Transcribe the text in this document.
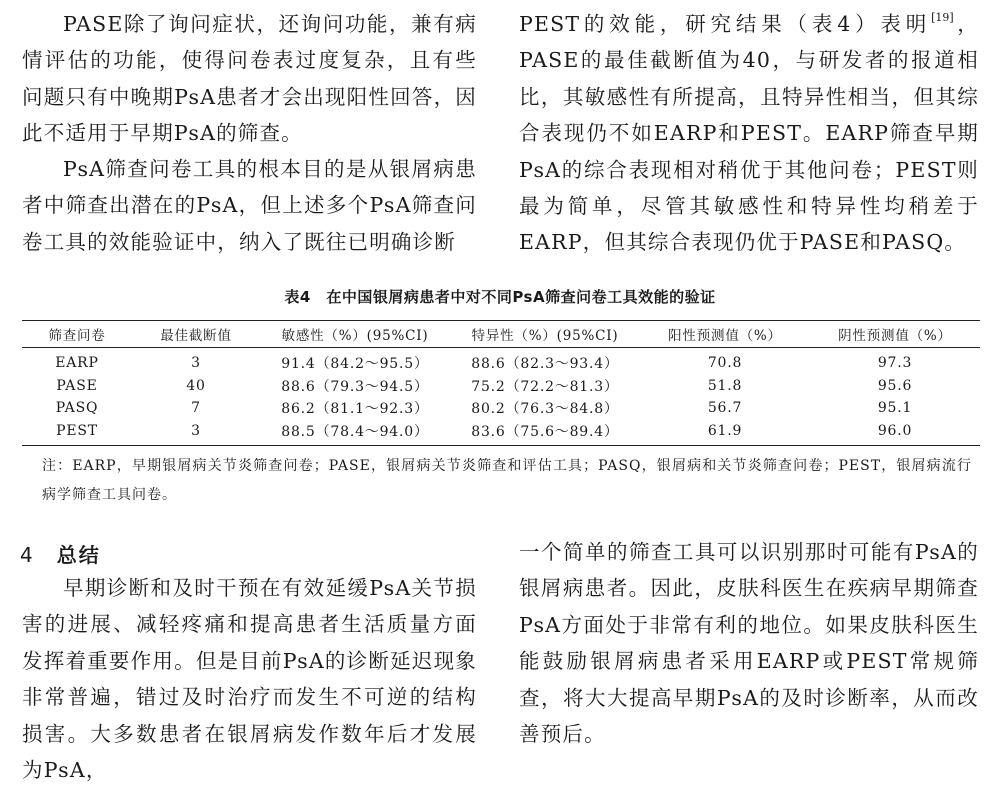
PASE除了询问症状，还询问功能，兼有病情评估的功能，使得问卷表过度复杂，且有些问题只有中晚期PsA患者才会出现阳性回答，因此不适用于早期PsA的筛查。

PsA筛查问卷工具的根本目的是从银屑病患者中筛查出潜在的PsA，但上述多个PsA筛查问卷工具的效能验证中，纳入了既往已明确诊断

PEST的效能，研究结果（表4）表明[19]，PASE的最佳截断值为40，与研发者的报道相比，其敏感性有所提高，且特异性相当，但其综合表现仍不如EARP和PEST。EARP筛查早期PsA的综合表现相对稍优于其他问卷；PEST则最为简单，尽管其敏感性和特异性均稍差于EARP，但其综合表现仍优于PASE和PASQ。

表4　在中国银屑病患者中对不同PsA筛查问卷工具效能的验证

筛查问卷	最佳截断值	敏感性（%）(95%CI)	特异性（%）(95%CI)	阳性预测值（%）	阴性预测值（%）
EARP	3	91.4（84.2～95.5）	88.6（82.3～93.4）	70.8	97.3
PASE	40	88.6（79.3～94.5）	75.2（72.2～81.3）	51.8	95.6
PASQ	7	86.2（81.1～92.3）	80.2（76.3～84.8）	56.7	95.1
PEST	3	88.5（78.4～94.0）	83.6（75.6～89.4）	61.9	96.0

注：EARP，早期银屑病关节炎筛查问卷；PASE，银屑病关节炎筛查和评估工具；PASQ，银屑病和关节炎筛查问卷；PEST，银屑病流行病学筛查工具问卷。

4 总结

早期诊断和及时干预在有效延缓PsA关节损害的进展、减轻疼痛和提高患者生活质量方面发挥着重要作用。但是目前PsA的诊断延迟现象非常普遍，错过及时治疗而发生不可逆的结构损害。大多数患者在银屑病发作数年后才发展为PsA，

一个简单的筛查工具可以识别那时可能有PsA的银屑病患者。因此，皮肤科医生在疾病早期筛查PsA方面处于非常有利的地位。如果皮肤科医生能鼓励银屑病患者采用EARP或PEST常规筛查，将大大提高早期PsA的及时诊断率，从而改善预后。
